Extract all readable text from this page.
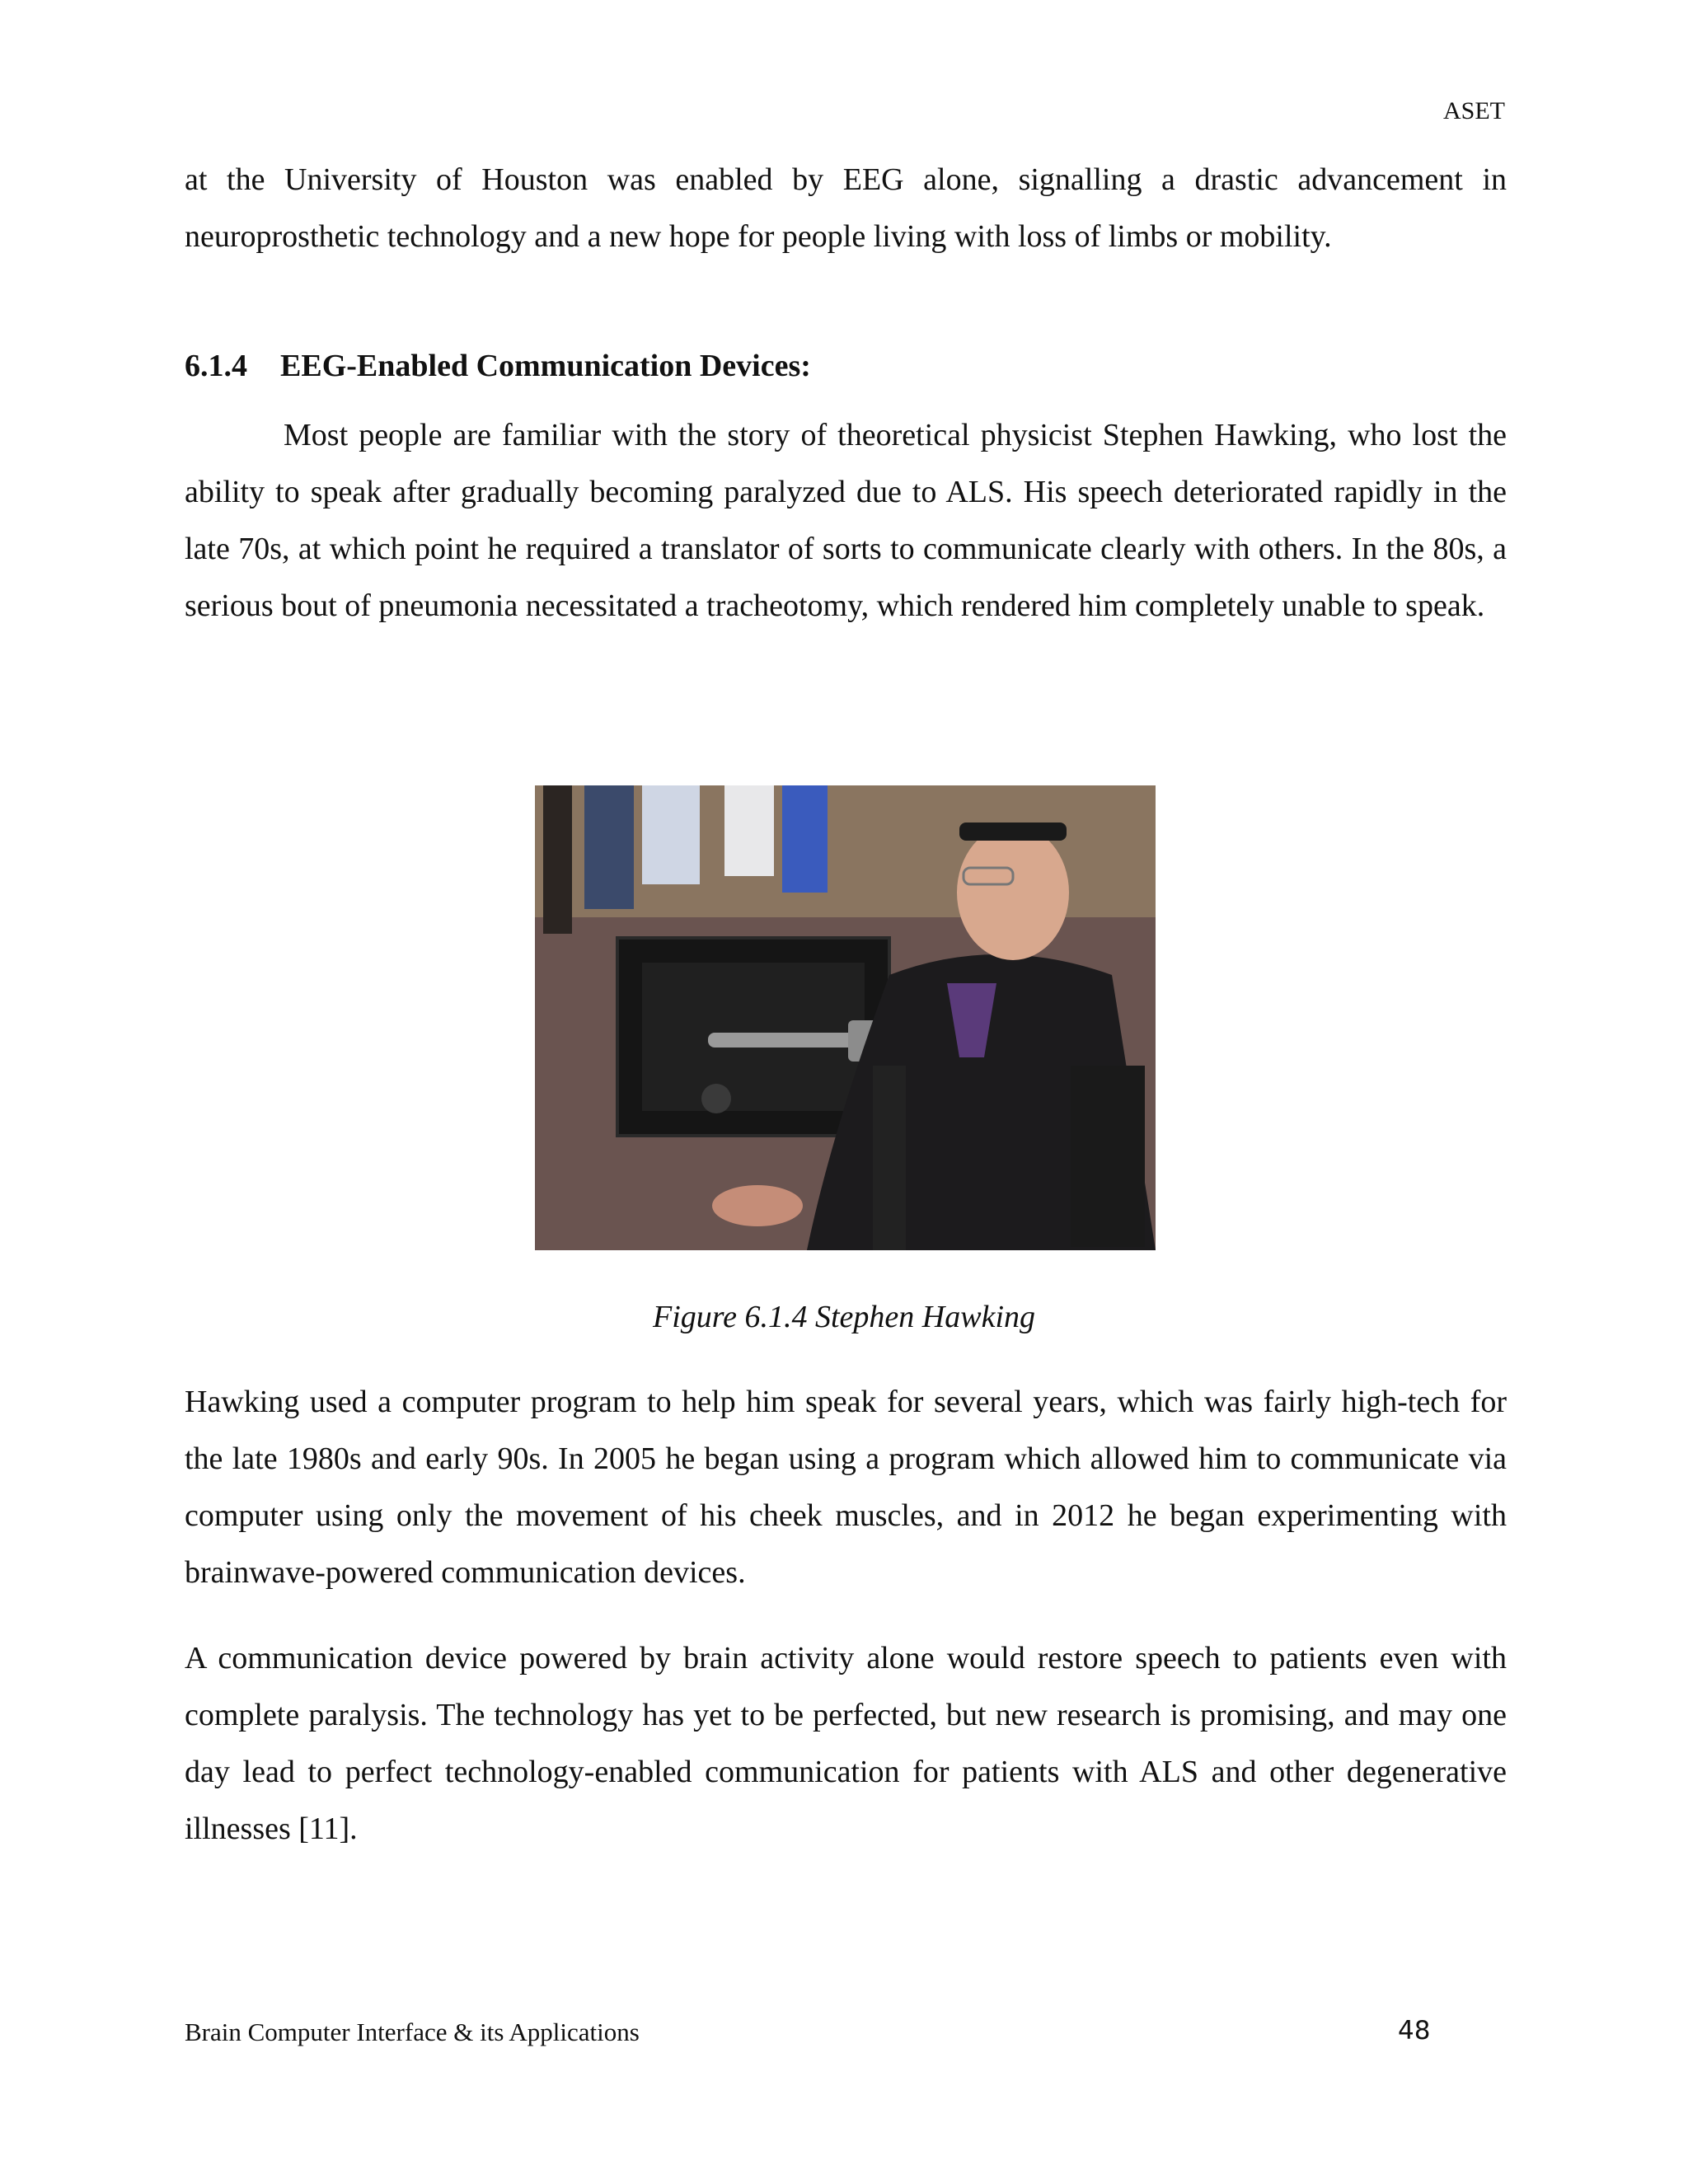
ASET

at the University of Houston was enabled by EEG alone, signalling a drastic advancement in neuroprosthetic technology and a new hope for people living with loss of limbs or mobility.

6.1.4 EEG-Enabled Communication Devices:

Most people are familiar with the story of theoretical physicist Stephen Hawking, who lost the ability to speak after gradually becoming paralyzed due to ALS. His speech deteriorated rapidly in the late 70s, at which point he required a translator of sorts to communicate clearly with others. In the 80s, a serious bout of pneumonia necessitated a tracheotomy, which rendered him completely unable to speak.

Figure 6.1.4 Stephen Hawking

Hawking used a computer program to help him speak for several years, which was fairly high-tech for the late 1980s and early 90s. In 2005 he began using a program which allowed him to communicate via computer using only the movement of his cheek muscles, and in 2012 he began experimenting with brainwave-powered communication devices.

A communication device powered by brain activity alone would restore speech to patients even with complete paralysis. The technology has yet to be perfected, but new research is promising, and may one day lead to perfect technology-enabled communication for patients with ALS and other degenerative illnesses [11].

Brain Computer Interface & its Applications	48
